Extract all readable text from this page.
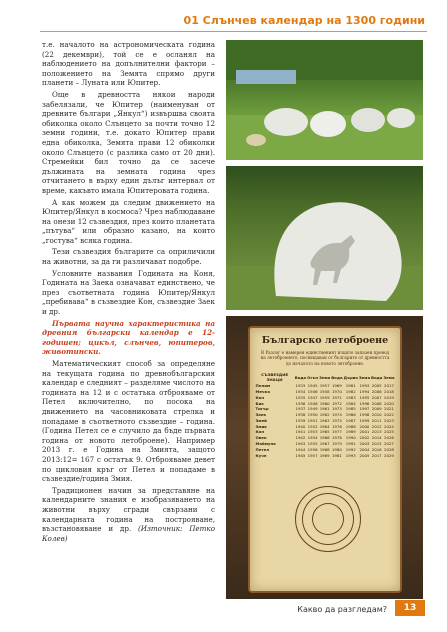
01 Слънчев календар на 1300 години

т.е. началото на астрономическата година (22 декември), той се е осланял на наблюдението на допълнителни фактори – положението на Земята спрямо други планети – Луната или Юпитер.

Още в древността някои народи забелязали, че Юпитер (наименуван от древните българи „Янкул“) извършва своята обиколка около Слънцето за почти точно 12 земни години, т.е. докато Юпитер прави една обиколка, Земята прави 12 обиколки около Слънцето (с разлика само от 20 дни). Стремейки бил точно да се засече дължината на земната година чрез отчитането в върху един дълъг интервал от време, какъвто имала Юпитеровата година.

А как можем да следим движението на Юпитер/Янкул в космоса? Чрез наблюдаване на онези 12 съзвездия, през които планетата „пътува“ или образно казано, на които „гостува“ всяка година.

Тези съзвездия българите са оприличили на животни, за да ги различават подобре.

Условните названия Годината на Коня, Годината на Заека означават единствено, че през съответната година Юпитер/Янкул „пребивава“ в съзвездие Кон, съзвездие Заек и др.

Първата научна характеристика на древния български календар е 12-годишен; цикъл, слънчев, юпитеров, животински.

Математическият способ за определяне на текущата година по древнобългарския календар е следният – разделяме числото на годината на 12 и с остатъка отброяваме от Петел включително, по посока на движението на часовниковата стрелка и попадаме в съответното съзвездие – година. (Година Петел се е случило да бъде първата година от новото летоброене). Например 2013 г. е Година на Змията, защото 2013:12= 167 с остатък 9. Отброяваме девет по цикловия кръг от Петел и попадаме в съзвездие/година Змия.

Традиционен начин за представяне на календарните знания е изобразяването на животни върху сгради свързани с календарната година на построяване, възстановяване и др. (Източник: Петко Колев)

Българско летоброене
В Разлог е намерен единственият изцяло запазен превод на летоброенето, посвящаван от българите от древността до началото на новото летоброене.
СЪЗВЕЗДИЕ ЗНАЦИ	Вода	Огън	Земя	Вода	Дърво	Земя	Вода	Земя
Пелим	1933	1945	1957	1969	1981	1993	2005	2017
Мечка	1934	1946	1958	1970	1982	1994	2006	2018
Кон	1935	1947	1959	1971	1983	1995	2007	2019
Бик	1936	1948	1960	1972	1984	1996	2008	2020
Тигър	1937	1949	1961	1973	1985	1997	2009	2021
Заек	1938	1950	1962	1974	1986	1998	2010	2022
Змей	1939	1951	1963	1975	1987	1999	2011	2023
Змия	1940	1952	1964	1976	1988	2000	2012	2024
Кон	1941	1953	1965	1977	1989	2001	2013	2025
Овен	1942	1954	1966	1978	1990	2002	2014	2026
Маймуна	1943	1955	1967	1979	1991	2003	2015	2027
Петел	1944	1956	1968	1980	1992	2004	2016	2028
Куче	1945	1957	1969	1981	1993	2005	2017	2029
Какво да разгледам?	13
